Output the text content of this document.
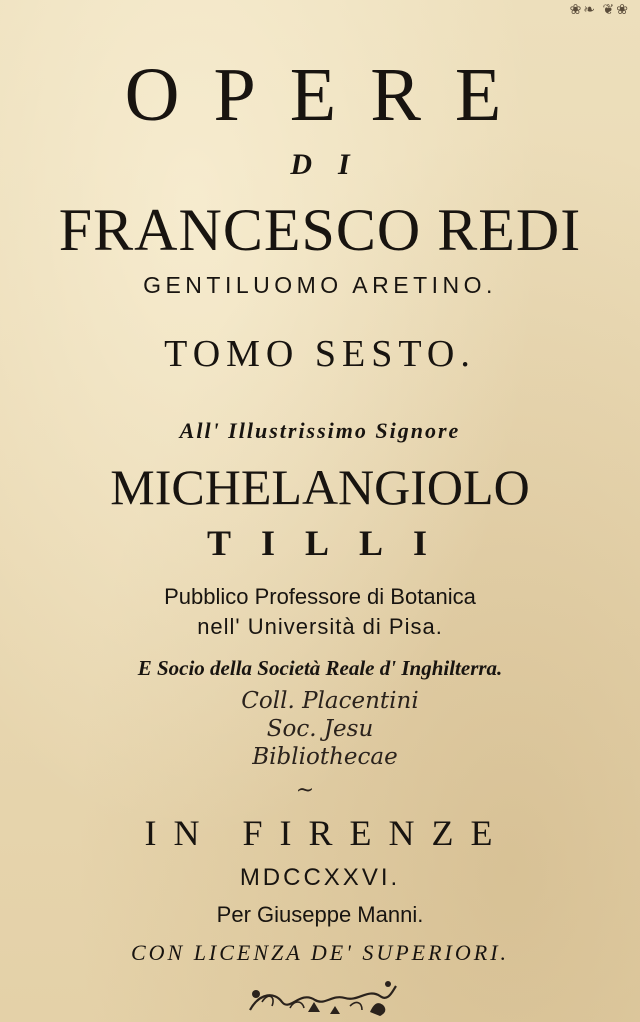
❀❧ ❦❀
OPERE
DI
FRANCESCO REDI
GENTILUOMO ARETINO.
TOMO SESTO.
All' Illustrissimo Signore
MICHELANGIOLO
TILLI
Pubblico Professore di Botanica
nell' Università di Pisa.
E Socio della Società Reale d' Inghilterra.
Coll. Placentini
Soc. Jesu
Bibliothecae
~
IN FIRENZE
MDCCXXVI.
Per Giuseppe Manni.
CON LICENZA DE' SUPERIORI.
